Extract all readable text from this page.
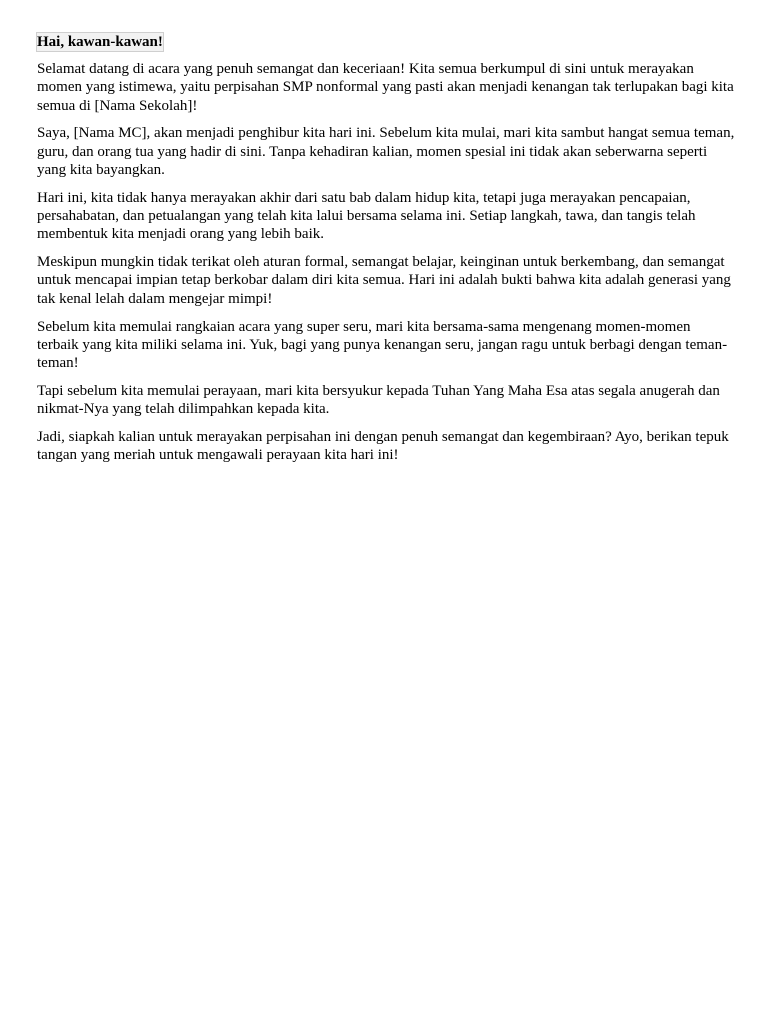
Hai, kawan-kawan!

Selamat datang di acara yang penuh semangat dan keceriaan! Kita semua berkumpul di sini untuk merayakan momen yang istimewa, yaitu perpisahan SMP nonformal yang pasti akan menjadi kenangan tak terlupakan bagi kita semua di [Nama Sekolah]!

Saya, [Nama MC], akan menjadi penghibur kita hari ini. Sebelum kita mulai, mari kita sambut hangat semua teman, guru, dan orang tua yang hadir di sini. Tanpa kehadiran kalian, momen spesial ini tidak akan seberwarna seperti yang kita bayangkan.

Hari ini, kita tidak hanya merayakan akhir dari satu bab dalam hidup kita, tetapi juga merayakan pencapaian, persahabatan, dan petualangan yang telah kita lalui bersama selama ini. Setiap langkah, tawa, dan tangis telah membentuk kita menjadi orang yang lebih baik.

Meskipun mungkin tidak terikat oleh aturan formal, semangat belajar, keinginan untuk berkembang, dan semangat untuk mencapai impian tetap berkobar dalam diri kita semua. Hari ini adalah bukti bahwa kita adalah generasi yang tak kenal lelah dalam mengejar mimpi!

Sebelum kita memulai rangkaian acara yang super seru, mari kita bersama-sama mengenang momen-momen terbaik yang kita miliki selama ini. Yuk, bagi yang punya kenangan seru, jangan ragu untuk berbagi dengan teman-teman!

Tapi sebelum kita memulai perayaan, mari kita bersyukur kepada Tuhan Yang Maha Esa atas segala anugerah dan nikmat-Nya yang telah dilimpahkan kepada kita.

Jadi, siapkah kalian untuk merayakan perpisahan ini dengan penuh semangat dan kegembiraan? Ayo, berikan tepuk tangan yang meriah untuk mengawali perayaan kita hari ini!
